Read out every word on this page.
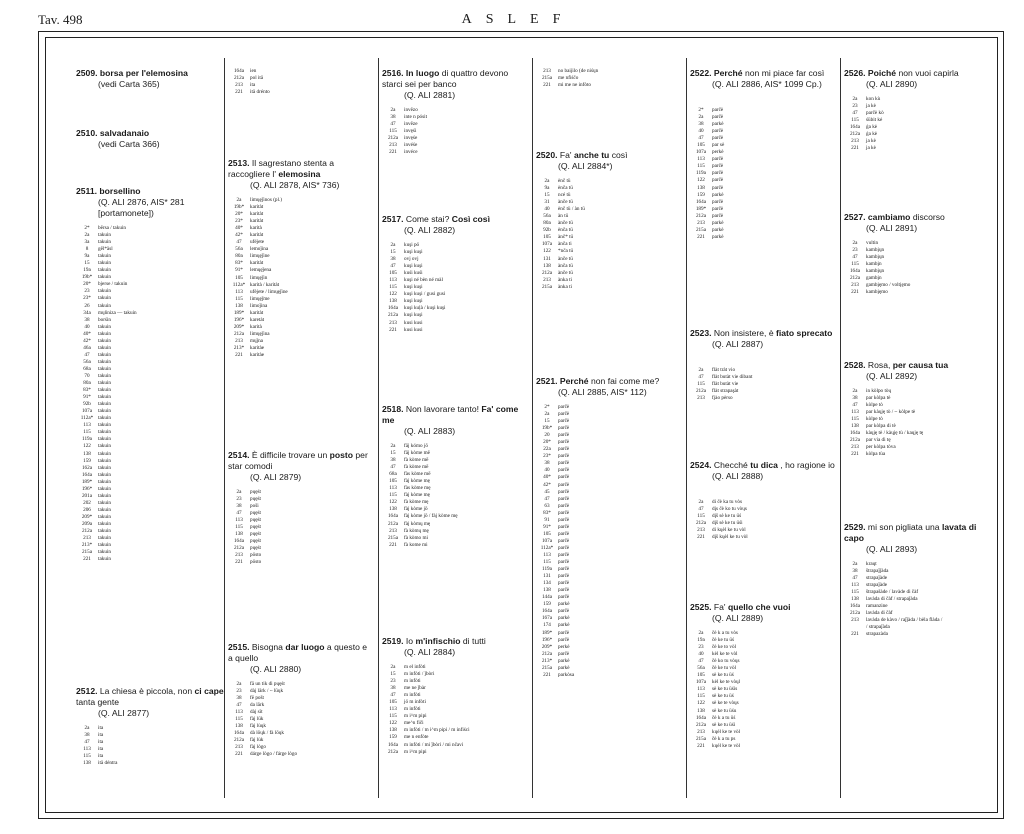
Tav. 498	ASLEF
2509. borsa per l'elemosina
(vedi Carta 365)
2510. salvadanaio
(vedi Carta 366)
2511. borsellino
(Q. ALI 2876, AIS* 281
[portamonete])
2* bērsa / takuin
2a takuin
3a takuin
8 gēl*äsl
9a takuin
15 takuin
19a takuin
19b* takuin
20* bjerse / takuin
23 takuin
23* takuin
26 takuin
34a mųňniza — takuin
38 borśin
40 takuin
40* takuin
42* takuin
46a takuin
47 takuin
56a takuin
68a takuin
70 takuin
80a takuin
83* takuin
91* takuin
92b takuin
107a takuin
112a* takuin
113 takuin
115 takuin
119a takuin
122 takuin
138 takuin
159 takuin
162a takuin
164a takuin
189* takuin
196* takuin
201a takuin
202 takuin
206 takuin
209* takuin
209a takuin
212a takuin
213 takuin
213* takuin
215a takuin
221 takuin
2512. La chiesa è piccola, non ci cape tanta gente
(Q. ALI 2877)
2a ita
38 ita
47 ita
113 ita
115 ita
138 itä déntra
164a ien
212a pol itä
213 ita
221 itä drénto
2513. Il sagrestano stenta a raccogliere l' elemosina
(Q. ALI 2878, AIS* 736)
2a limųęǰinos (pl.)
19b* karitàt
20* karitàt
23* karitàt
40* karità
42* karitàt
47 uféjete
56a lemoǰina
80a limųęǰine
83* karitàt
91* lemųęǰena
105 limųęǰin
112a* karità / karitàt
113 ufèjete / limųęǰine
115 limųęǰme
138 limoǰina
189* karitàt
196* karetàt
209* karità
212a limųęǰina
213 mųǰna
213* karitàe
221 karitàe
2514. È difficile trovare un posto per star comodi
(Q. ALI 2879)
2a pųęśt
23 pųęśt
38 poši
47 pųęśt
113 pųęśt
115 pųęśt
138 pųęśt
164a pųęśt
212a pųęśt
213 pösto
221 pösto
2515. Bisogna dar luogo a questo e a quello
(Q. ALI 2880)
2a fā un tik di pųęśt
23 dàj lārk / ~ lūųk
38 fē pošt
47 da lārk
113 dàj sīt
115 fàj lūk
138 fàj lùųk
164a dà lōųk / fà lōųk
212a fàj lùk
213 fàj lògo
221 dárge lògo / fárge lògo
2516. In luogo di quattro devono starci sei per banco
(Q. ALI 2881)
2a invēzo
38 inte n pósit
47 invēze
115 invęśi
212a invęśe
213 invéśe
221 invéce
2517. Come stai? Così così
(Q. ALI 2882)
2a kuşi pö
15 kuşi kuşi
38 ovj ovj
47 kuşi kuşi
105 kuśi kuśi
113 kuşi né bèn né màl
115 kuşi kuşi
122 kuşi kuşi / gusi gusi
138 kuşi kuşi
164a kuşi kuļà / kuşi kuşi
212a kuşi kuşi
213 kusi kusi
221 kusi kusi
2518. Non lavorare tanto! Fa' come me
(Q. ALI 2883)
2a fāj kómo jō
15 fāj kòme mē
38 fà kòme mē
47 fà kòme mē
68a fàs kòme mē
105 fàj kòme mę
113 fàs kòme mę
115 fàj kòme mę
122 fà kòme mę
138 fàj kòme jō
164a fàj kòme jō / fàj kòme mę
212a fàj kòmų mę
213 fà kòmų mę
215a fà kòmo mi
221 fà kome mi
2519. Io m'infischio di tutti
(Q. ALI 2884)
2a m el infòti
15 m infòti / ǰbòri
23 m infòti
38 me ne ǰbàr
47 m infòti
105 jö m infòti
113 m infòti
115 m i^m pipi
122 me^n fiči
138 m infòti / m i^m pipi / m infiści
159 me n enfòte
164a m infòti / mi ǰbòri / mi nčavi
212a m i^m pipi
213 no baijilo (de niśųn
215a me nfiśčo
221 mi me ne infòto
2520. Fa' anche tu così
(Q. ALI 2884*)
2a ènč tü
9a ènča tü
15 ncé tü
31 ànče tü
40 ènč tü / àn tü
56a àn tü
80a ànče tü
92b ènča tü
105 ànč* tü
107a ànča ti
122 *nča tü
131 ànče tü
138 ànča tü
212a ànče tü
213 ànka ti
215a ànka ti
2521. Perché non fai come me?
(Q. ALI 2885, AIS* 112)
2* parčè
2a parčè
15 parčè
19b* parčè
20 parčè
20* parčè
22a parčè
23* parčè
38 parčè
40 parčè
40* parčè
42* parčè
45 parčè
47 parčè
63 parčè
83* parčè
91 parčè
91* parčè
105 parčè
107a parčè
112a* parčè
113 parčè
115 parčè
119a parčè
131 parčè
134 parčè
138 parčè
144a parčè
159 parkè
164a parčè
167a parkè
174 parkè
189* parčè
196* parčè
209* perkè
212a parčè
213* parkè
215a parkè
221 parkòsa
2522. Perché non mi piace far così
(Q. ALI 2886, AIS* 1099 Cp.)
2* parčè
2a parčè
38 parkè
40 parčè
47 parčè
105 par sè
107a perkè
113 parčè
115 parčè
119a parčè
122 parčè
138 parčè
159 parkè
164a parčè
189* parčè
212a parčè
213 parkè
215a parkè
221 parkè
2523. Non insistere, è fiato sprecato
(Q. ALI 2887)
2a flàt tràt vio
47 flàt butàt vie dibant
115 flàt butàt vie
212a flàt strapaşàt
213 fjào pèrso
2524. Checché tu dica , ho ragione io
(Q. ALI 2888)
2a di čė ka tu vòs
47 dįs čė ko tu vòųs
115 dįš sè ke tu üś
212a dįš sè ke tu üśi
213 di kųèl ke tu vòl
221 dįš kųèl ke tu vòl
2525. Fa' quello che vuoi
(Q. ALI 2889)
2a čė k a tu vòs
19a čė ke tu üś
23 čė ke to vòl
40 kėl ke te vòl
47 čė ko tu vòųs
56a čė ke tu vòl
105 sè ke tu üś
107a kėl ke te vòųl
113 sè ke tu üśis
115 sè ke tu üś
122 sè ke te vòųs
138 sè ke tu üśu
164a čė k a tu üś
212a sè ke tu üśi
213 kųėl ke te vòl
215a čė k a tu ps
221 kųėl ke te vòl
2526. Poiché non vuoi capirla
(Q. ALI 2890)
2a kon kù
23 ja kė
47 parčè kò
115 śübit kė
164a ġa kė
212a ġa kė
213 ja kė
221 ja kė
2527. cambiamo discorso
(Q. ALI 2891)
2a vultin
23 kambįųn
47 kambįųn
115 kambįn
164a kambįųn
212a gambįn
213 gambįęmo / voltįęmo
221 kambįęmo
2528. Rosa, per causa tua
(Q. ALI 2892)
2a in kòlpo tòų
38 par kòlpa tè
47 kòlpe tò
113 par kàųję tò / ~ kòlpe tè
115 kòlpe tò
138 par kòlpa di tè
164a kàųję tè / kàųję tù / kaųję tę
212a par via di tę
213 per kòlpa tòva
221 kòlpa tùa
2529. mi son pigliata una lavata di capo
(Q. ALI 2893)
2a kraųt
38 štrapaǰǰàda
47 strapaǰàde
113 strapaǰàde
115 štrapašàde / lavàde di čàf
138 lavàda di čàf / strapaǰàda
164a ramanzine
212a lavàda di čàf
213 lavàda de kàvo / raǰǰàda / bèla flàda /
/ strapaǰàda
221 strapazàda
